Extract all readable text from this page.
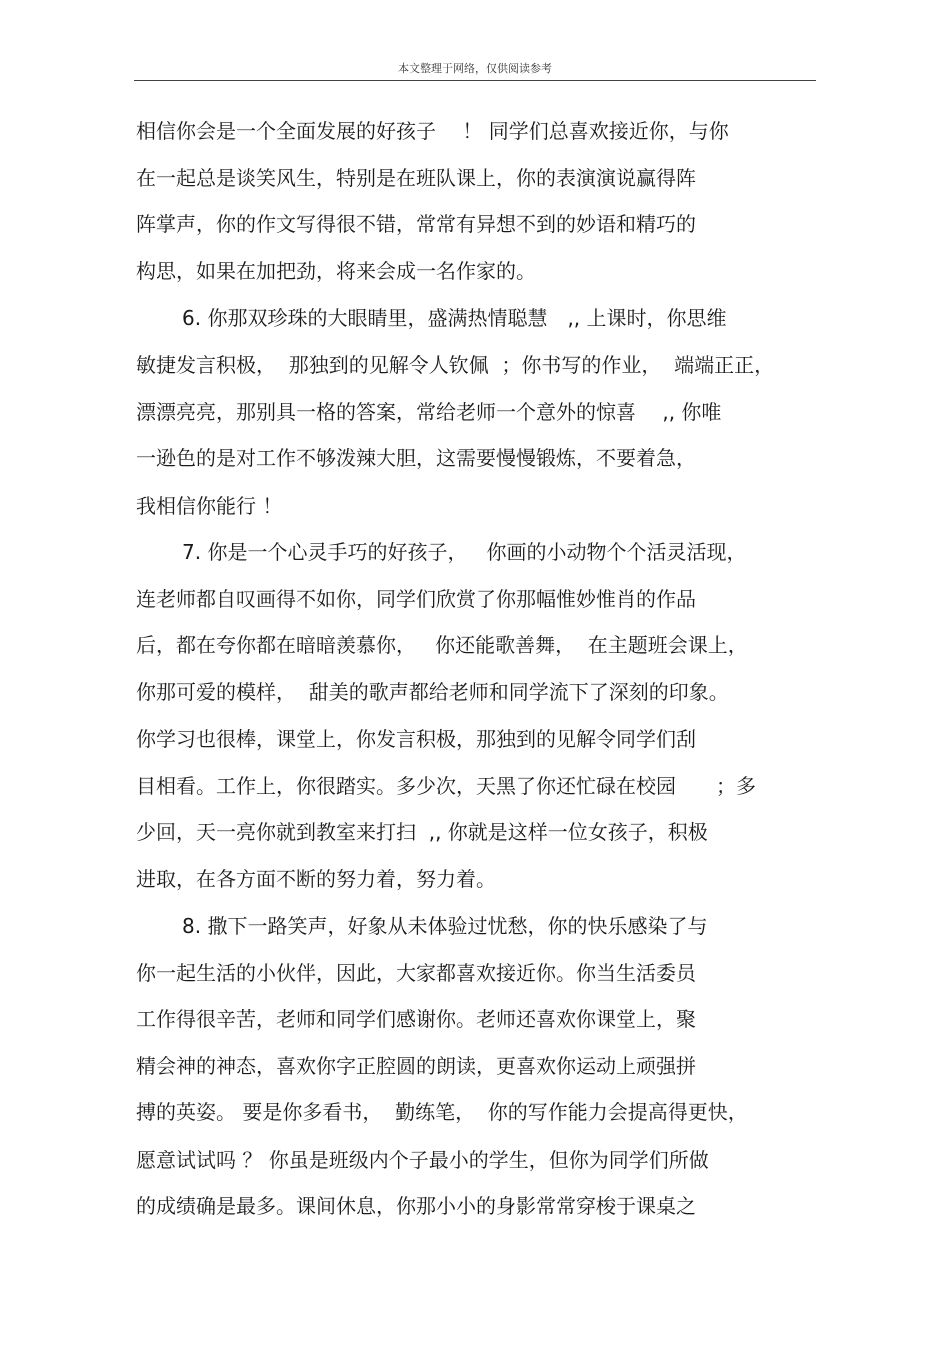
本文整理于网络，仅供阅读参考
相信你会是一个全面发展的好孩子　 ！ 同学们总喜欢接近你，与你
在一起总是谈笑风生，特别是在班队课上，你的表演演说赢得阵
阵掌声，你的作文写得很不错，常常有异想不到的妙语和精巧的
构思，如果在加把劲，将来会成一名作家的。
6. 你那双珍珠的大眼睛里，盛满热情聪慧　,, 上课时，你思维
敏捷发言积极，  那独到的见解令人钦佩  ；你书写的作业，  端端正正，
漂漂亮亮，那别具一格的答案，常给老师一个意外的惊喜　 ,, 你唯
一逊色的是对工作不够泼辣大胆，这需要慢慢锻炼，不要着急，
我相信你能行 ！
7. 你是一个心灵手巧的好孩子，   你画的小动物个个活灵活现，
连老师都自叹画得不如你，同学们欣赏了你那幅惟妙惟肖的作品
后，都在夸你都在暗暗羡慕你，   你还能歌善舞，  在主题班会课上，
你那可爱的模样，  甜美的歌声都给老师和同学流下了深刻的印象。
你学习也很棒，课堂上，你发言积极，那独到的见解令同学们刮
目相看。工作上，你很踏实。多少次，天黑了你还忙碌在校园　　；多
少回，天一亮你就到教室来打扫  ,, 你就是这样一位女孩子，积极
进取，在各方面不断的努力着，努力着。
8. 撒下一路笑声，好象从未体验过忧愁，你的快乐感染了与
你一起生活的小伙伴，因此，大家都喜欢接近你。你当生活委员
工作得很辛苦，老师和同学们感谢你。老师还喜欢你课堂上，聚
精会神的神态，喜欢你字正腔圆的朗读，更喜欢你运动上顽强拼
搏的英姿。 要是你多看书，  勤练笔，  你的写作能力会提高得更快，
愿意试试吗 ？ 你虽是班级内个子最小的学生，但你为同学们所做
的成绩确是最多。课间休息，你那小小的身影常常穿梭于课桌之
